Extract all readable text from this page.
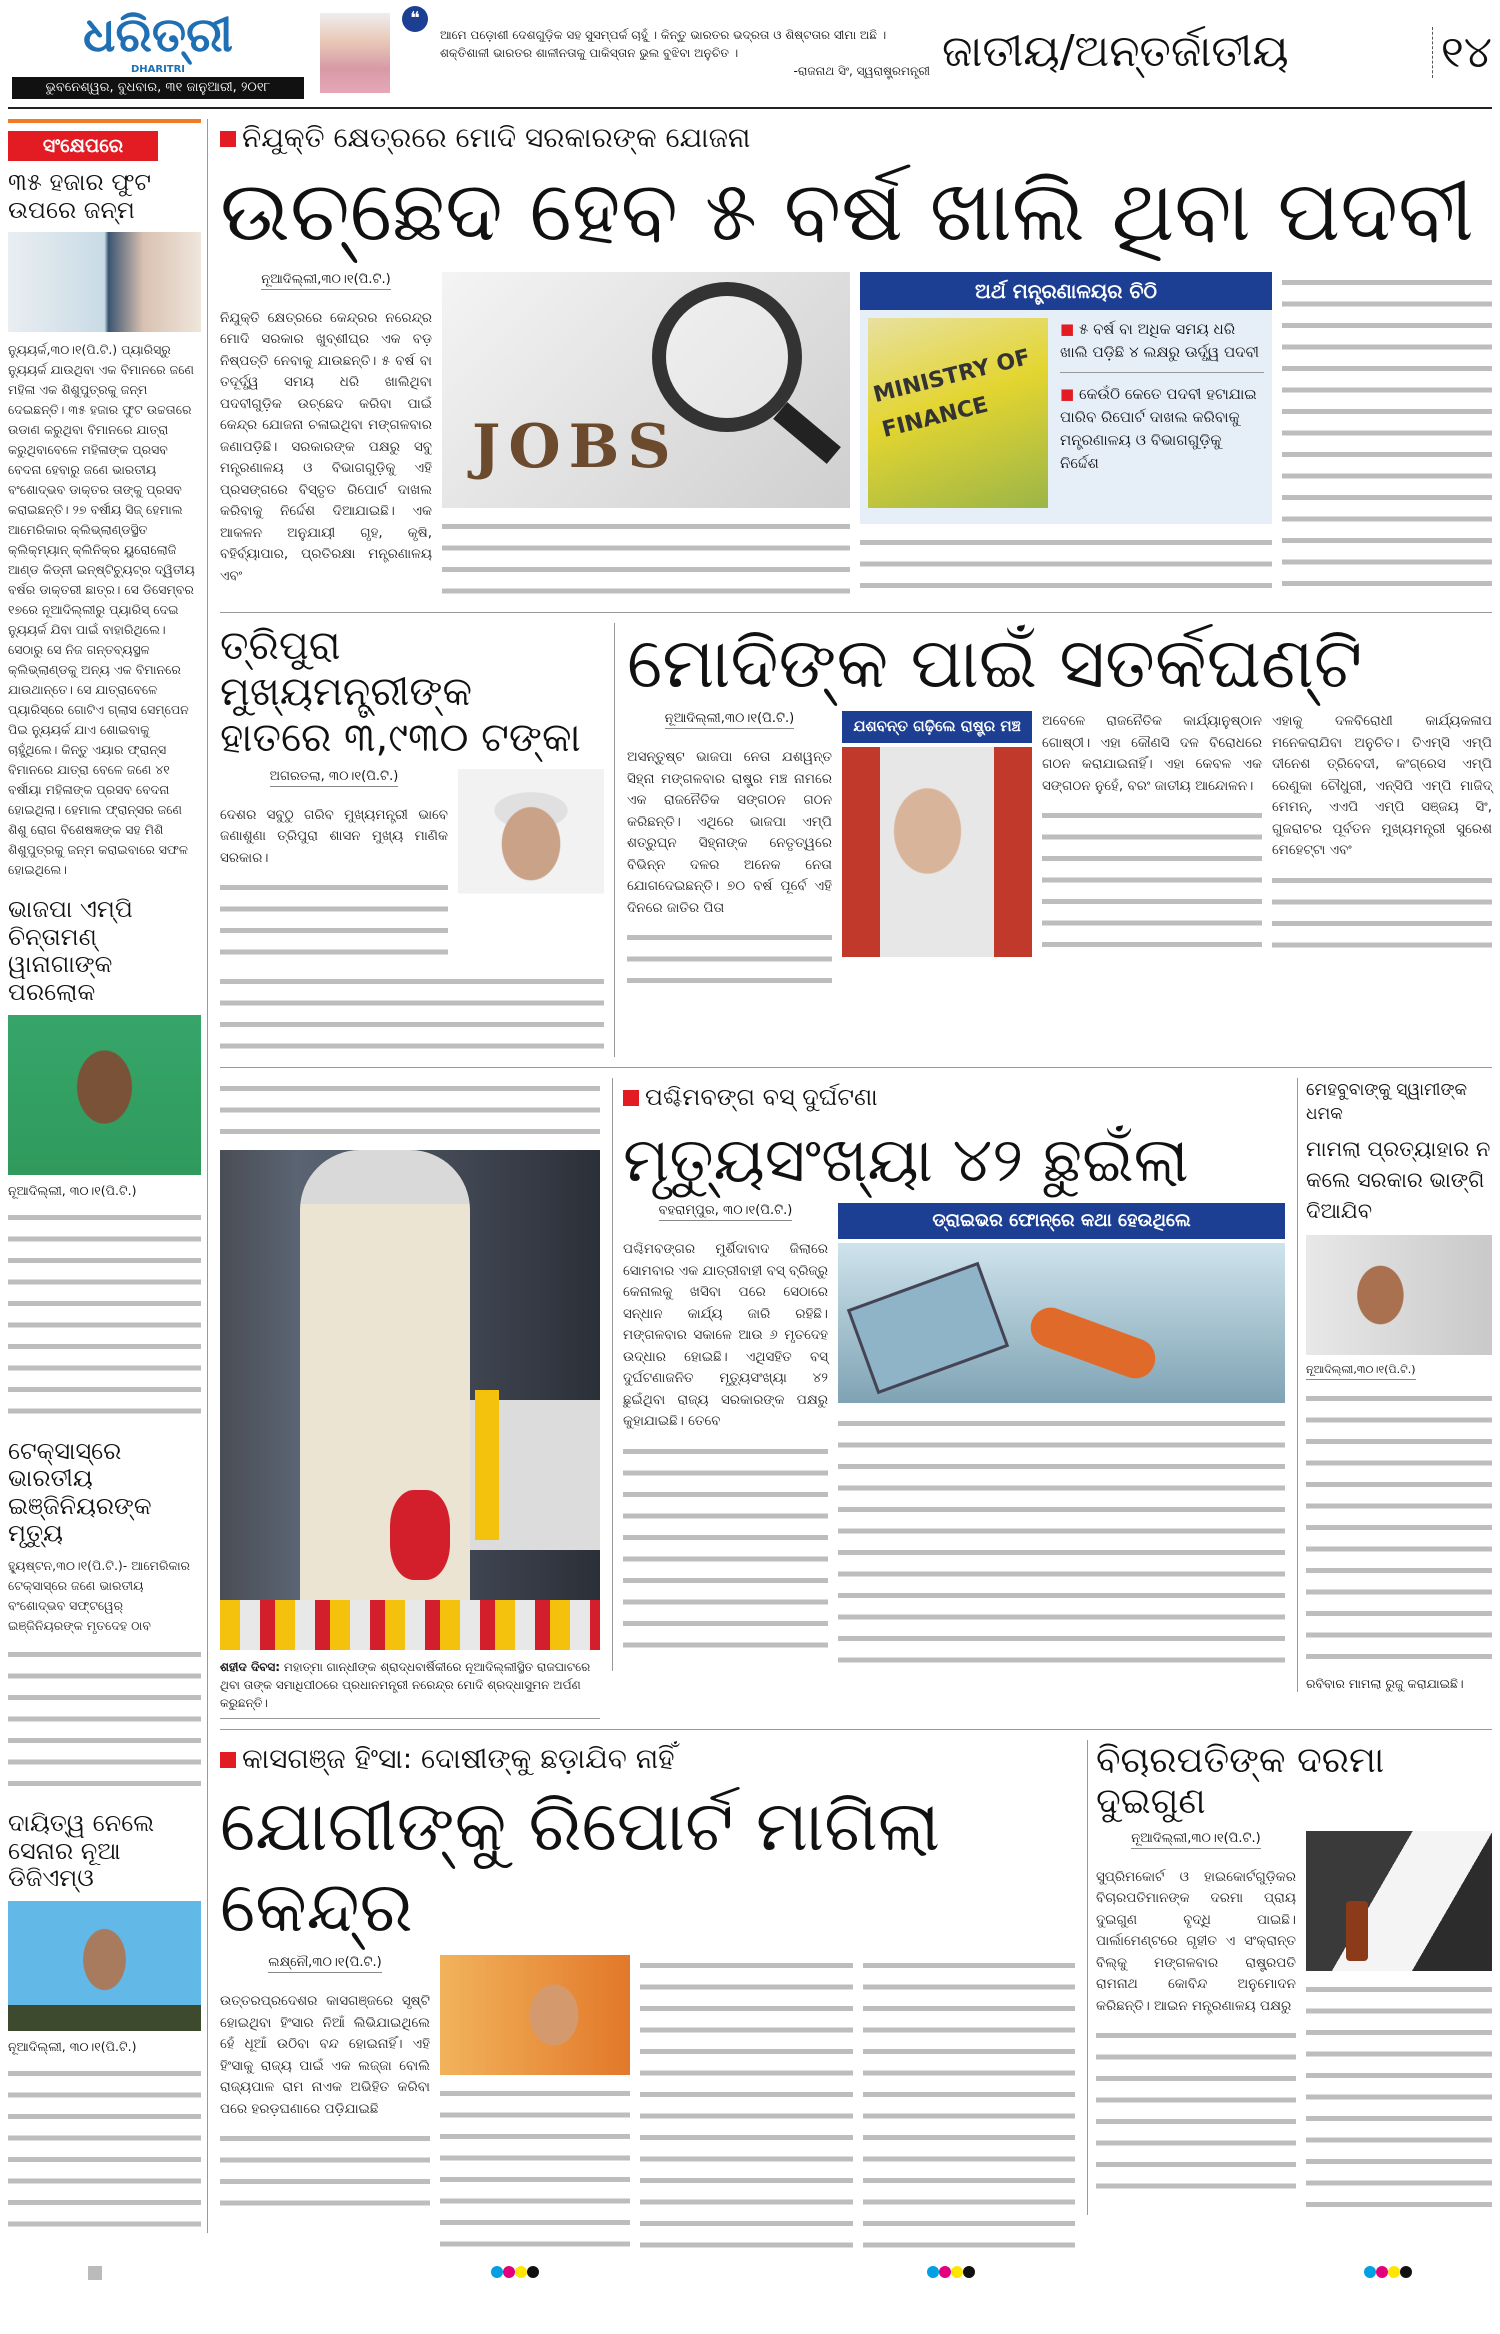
ଧରିତ୍ରୀ
DHARITRI
ଭୁବନେଶ୍ୱର, ବୁଧବାର, ୩୧ ଜାନୁଆରୀ, ୨୦୧୮
❝
ଆମେ ପଡ଼ୋଶୀ ଦେଶଗୁଡ଼ିକ ସହ ସୁସମ୍ପର୍କ ଚାହୁଁ । କିନ୍ତୁ ଭାରତର ଭଦ୍ରତା ଓ ଶିଷ୍ଟତାର ସୀମା ଅଛି । ଶକ୍ତିଶାଳୀ ଭାରତର ଶାଳୀନତାକୁ ପାକିସ୍ତାନ ଭୁଲ ବୁଝିବା ଅନୁଚିତ ।
-ରାଜନାଥ ସିଂ, ସ୍ୱରାଷ୍ଟ୍ରମନ୍ତ୍ରୀ ଜାତୀୟ/ଅନ୍ତର୍ଜାତୀୟ	୧୪
ସଂକ୍ଷେପରେ
୩୫ ହଜାର ଫୁଟ ଉପରେ ଜନ୍ମ
ନ୍ୟୁୟର୍କ,୩୦।୧(ପି.ଟି.) ପ୍ୟାରିସ୍‌ରୁ ନ୍ୟୁୟର୍କ ଯାଉଥିବା ଏକ ବିମାନରେ ଜଣେ ମହିଳା ଏକ ଶିଶୁପୁତ୍ରକୁ ଜନ୍ମ ଦେଇଛନ୍ତି। ୩୫ ହଜାର ଫୁଟ ଉଚ୍ଚତାରେ ଉଡାଣ କରୁଥିବା ବିମାନରେ ଯାତ୍ରା କରୁଥିବାବେଳେ ମହିଳାଙ୍କ ପ୍ରସବ ବେଦନା ହେବାରୁ ଜଣେ ଭାରତୀୟ ବଂଶୋଦ୍ଭବ ଡାକ୍ତର ତାଙ୍କୁ ପ୍ରସବ କରାଇଛନ୍ତି। ୨୭ ବର୍ଷୀୟ ସିଜ୍ ହେମାଲ ଆମେରିକାର କ୍ଲିଭ୍‌ଲାଣ୍ଡସ୍ଥିତ କ୍ଲିକ୍‌ମ୍ୟାନ୍ କ୍ଲିନିକ୍‌ର ୟୁରୋଲୋଜି ଆଣ୍ଡ କିଡ୍‌ନୀ ଇନ୍‌ଷ୍ଟିଚ୍ୟୁଟ୍‌ର ଦ୍ୱିତୀୟ ବର୍ଷର ଡାକ୍ତରୀ ଛାତ୍ର। ସେ ଡିସେମ୍ବର ୧୭ରେ ନୂଆଦିଲ୍ଲୀରୁ ପ୍ୟାରିସ୍ ଦେଇ ନ୍ୟୁୟର୍କ ଯିବା ପାଇଁ ବାହାରିଥିଲେ। ସେଠାରୁ ସେ ନିଜ ଗନ୍ତବ୍ୟସ୍ଥଳ କ୍ଲିଭ୍‌ଲାଣ୍ଡକୁ ଅନ୍ୟ ଏକ ବିମାନରେ ଯାଉଥାନ୍ତେ। ସେ ଯାତ୍ରାବେଳେ ପ୍ୟାରିସ୍‌ରେ ଗୋଟିଏ ଗ୍ଲାସ ସେମ୍ପେନ ପିଇ ନ୍ୟୁୟର୍କ ଯାଏ ଶୋଇବାକୁ ଚାହୁଁଥିଲେ। କିନ୍ତୁ ଏୟାର ଫ୍ରାନ୍ସ ବିମାନରେ ଯାତ୍ରା ବେଳେ ଜଣେ ୪୧ ବର୍ଷୀୟା ମହିଳାଙ୍କ ପ୍ରସବ ବେଦନା ହୋଇଥିଲା। ହେମାଲ ଫ୍ରାନ୍ସର ଜଣେ ଶିଶୁ ରୋଗ ବିଶେଷଜ୍ଞଙ୍କ ସହ ମିଶି ଶିଶୁପୁତ୍ରକୁ ଜନ୍ମ କରାଇବାରେ ସଫଳ ହୋଇଥିଲେ।
ଭାଜପା ଏମ୍ପି ଚିନ୍ତାମଣ୍ ୱାନାଗାଙ୍କ ପରଲୋକ
ନୂଆଦିଲ୍ଲୀ, ୩୦।୧(ପି.ଟି.)
ଟେକ୍ସାସ୍‌ରେ ଭାରତୀୟ ଇଞ୍ଜିନିୟରଙ୍କ ମୃତ୍ୟୁ
ହ୍ୟୁଷ୍ଟନ,୩୦।୧(ପି.ଟି.)- ଆମେରିକାର ଟେକ୍ସାସ୍‌ରେ ଜଣେ ଭାରତୀୟ ବଂଶୋଦ୍ଭବ ସଫ୍ଟୱେର୍ ଇଞ୍ଜିନିୟରଙ୍କ ମୃତଦେହ ଠାବ
ଦାୟିତ୍ୱ ନେଲେ ସେନାର ନୂଆ ଡିଜିଏମ୍‌ଓ
ନୂଆଦିଲ୍ଲୀ, ୩୦।୧(ପି.ଟି.)
ନିଯୁକ୍ତି କ୍ଷେତ୍ରରେ ମୋଦି ସରକାରଙ୍କ ଯୋଜନା
ଉଚ୍ଛେଦ ହେବ ୫ ବର୍ଷ ଖାଲି ଥିବା ପଦବୀ
ନୂଆଦିଲ୍ଲୀ,୩୦।୧(ପି.ଟି.)
ନିଯୁକ୍ତି କ୍ଷେତ୍ରରେ କେନ୍ଦ୍ରର ନରେନ୍ଦ୍ର ମୋଦି ସରକାର ଖୁବ୍‌ଶୀଘ୍ର ଏକ ବଡ଼ ନିଷ୍ପତ୍ତି ନେବାକୁ ଯାଉଛନ୍ତି। ୫ ବର୍ଷ ବା ତଦୂର୍ଦ୍ଧ୍ୱ ସମୟ ଧରି ଖାଲିଥିବା ପଦବୀଗୁଡ଼ିକ ଉଚ୍ଛେଦ କରିବା ପାଇଁ କେନ୍ଦ୍ର ଯୋଜନା ଚଳାଇଥିବା ମଙ୍ଗଳବାର ଜଣାପଡ଼ିଛି। ସରକାରଙ୍କ ପକ୍ଷରୁ ସବୁ ମନ୍ତ୍ରଣାଳୟ ଓ ବିଭାଗଗୁଡ଼ିକୁ ଏହି ପ୍ରସଙ୍ଗରେ ବିସ୍ତୃତ ରିପୋର୍ଟ ଦାଖଲ କରିବାକୁ ନିର୍ଦ୍ଦେଶ ଦିଆଯାଇଛି। ଏକ ଆକଳନ ଅନୁଯାୟୀ ଗୃହ, କୃଷି, ବହିର୍ବ୍ୟାପାର, ପ୍ରତିରକ୍ଷା ମନ୍ତ୍ରଣାଳୟ ଏବଂ
JOBS
ଅର୍ଥ ମନ୍ତ୍ରଣାଳୟର ଚିଠି
MINISTRY OF FINANCE
■ ୫ ବର୍ଷ ବା ଅଧିକ ସମୟ ଧରି ଖାଲି ପଡ଼ିଛି ୪ ଲକ୍ଷରୁ ଊର୍ଦ୍ଧ୍ୱ ପଦବୀ
■ କେଉଁଠି କେତେ ପଦବୀ ହଟାଯାଇ ପାରିବ ରିପୋର୍ଟ ଦାଖଲ କରିବାକୁ ମନ୍ତ୍ରଣାଳୟ ଓ ବିଭାଗଗୁଡ଼ିକୁ ନିର୍ଦ୍ଦେଶ
ତ୍ରିପୁରା ମୁଖ୍ୟମନ୍ତ୍ରୀଙ୍କ
ହାତରେ ୩,୯୩୦ ଟଙ୍କା
ଅଗରତଲା, ୩୦।୧(ପି.ଟି.)
ଦେଶର ସବୁଠୁ ଗରିବ ମୁଖ୍ୟମନ୍ତ୍ରୀ ଭାବେ ଜଣାଶୁଣା ତ୍ରିପୁରା ଶାସନ ମୁଖ୍ୟ ମାଣିକ ସରକାର।
ମୋଦିଙ୍କ ପାଇଁ ସତର୍କଘଣ୍ଟି
ନୂଆଦିଲ୍ଲୀ,୩୦।୧(ପି.ଟି.)
ଅସନ୍ତୁଷ୍ଟ ଭାଜପା ନେତା ଯଶୱନ୍ତ ସିହ୍ନା ମଙ୍ଗଳବାର ରାଷ୍ଟ୍ର ମଞ୍ଚ ନାମରେ ଏକ ରାଜନୈତିକ ସଙ୍ଗଠନ ଗଠନ କରିଛନ୍ତି। ଏଥିରେ ଭାଜପା ଏମ୍ପି ଶତ୍ରୁଘ୍ନ ସିହ୍ନାଙ୍କ ନେତୃତ୍ୱରେ ବିଭିନ୍ନ ଦଳର ଅନେକ ନେତା ଯୋଗଦେଇଛନ୍ତି। ୭୦ ବର୍ଷ ପୂର୍ବେ ଏହି ଦିନରେ ଜାତିର ପିତା
ଯଶବନ୍ତ ଗଢ଼ିଲେ ରାଷ୍ଟ୍ର ମଞ୍ଚ	ଅବେଳେ ରାଜନୈତିକ କାର୍ଯ୍ୟାନୁଷ୍ଠାନ ଗୋଷ୍ଠୀ। ଏହା କୌଣସି ଦଳ ବିରୋଧରେ ଗଠନ କରାଯାଇନାହିଁ। ଏହା କେବଳ ଏକ ସଙ୍ଗଠନ ନୁହେଁ, ବରଂ ଜାତୀୟ ଆନ୍ଦୋଳନ।
ଏହାକୁ ଦଳବିରୋଧୀ କାର୍ଯ୍ୟକଳାପ ମନେକରାଯିବା ଅନୁଚିତ। ତିଏମ୍‌ସି ଏମ୍ପି ଦୀନେଶ ତ୍ରିବେଦୀ, କଂଗ୍ରେସ ଏମ୍ପି ରେଣୁକା ଚୌଧୁରୀ, ଏନ୍‌ସିପି ଏମ୍ପି ମାଜିଦ୍ ମେମନ୍, ଏଏପି ଏମ୍ପି ସଞ୍ଜୟ ସିଂ, ଗୁଜରାଟର ପୂର୍ବତନ ମୁଖ୍ୟମନ୍ତ୍ରୀ ସୁରେଶ ମେହେଟ୍ଟା ଏବଂ
ଶହୀଦ ଦିବସ: ମହାତ୍ମା ଗାନ୍ଧୀଙ୍କ ଶ୍ରାଦ୍ଧବାର୍ଷିକୀରେ ନୂଆଦିଲ୍ଲୀସ୍ଥିତ ରାଜଘାଟରେ ଥିବା ତାଙ୍କ ସମାଧିପୀଠରେ ପ୍ରଧାନମନ୍ତ୍ରୀ ନରେନ୍ଦ୍ର ମୋଦି ଶ୍ରଦ୍ଧାସୁମନ ଅର୍ପଣ କରୁଛନ୍ତି।
ପଶ୍ଚିମବଙ୍ଗ ବସ୍ ଦୁର୍ଘଟଣା
ମୃତ୍ୟୁସଂଖ୍ୟା ୪୨ ଛୁଇଁଲା
ବହରାମ୍ପୁର, ୩୦।୧(ପି.ଟି.)
ପଶ୍ଚିମବଙ୍ଗର ମୁର୍ଶିଦାବାଦ ଜିଲାରେ ସୋମବାର ଏକ ଯାତ୍ରୀବାହୀ ବସ୍ ବ୍ରିଜ୍‌ରୁ କେନାଲକୁ ଖସିବା ପରେ ସେଠାରେ ସନ୍ଧାନ କାର୍ଯ୍ୟ ଜାରି ରହିଛି। ମଙ୍ଗଳବାର ସକାଳେ ଆଉ ୬ ମୃତଦେହ ଉଦ୍ଧାର ହୋଇଛି। ଏଥିସହିତ ବସ୍ ଦୁର୍ଘଟଣାଜନିତ ମୃତ୍ୟୁସଂଖ୍ୟା ୪୨ ଛୁଇଁଥିବା ରାଜ୍ୟ ସରକାରଙ୍କ ପକ୍ଷରୁ କୁହାଯାଇଛି। ତେବେ
ଡ୍ରାଇଭର ଫୋନ୍‌ରେ କଥା ହେଉଥିଲେ
ମେହବୁବାଙ୍କୁ ସ୍ୱାମୀଙ୍କ ଧମକ
ମାମଲା ପ୍ରତ୍ୟାହାର ନ କଲେ ସରକାର ଭାଙ୍ଗି ଦିଆଯିବ
ନୂଆଦିଲ୍ଲୀ,୩୦।୧(ପି.ଟି.)
ରବିବାର ମାମଲା ରୁଜୁ କରାଯାଇଛି।
କାସଗଞ୍ଜ ହିଂସା: ଦୋଷୀଙ୍କୁ ଛଡ଼ାଯିବ ନାହିଁ
ଯୋଗୀଙ୍କୁ ରିପୋର୍ଟ ମାଗିଲା କେନ୍ଦ୍ର
ଲକ୍ଷ୍ନୌ,୩୦।୧(ପି.ଟି.)
ଉତ୍ତରପ୍ରଦେଶର କାସଗଞ୍ଜରେ ସୃଷ୍ଟି ହୋଇଥିବା ହିଂସାର ନିଆଁ ଲିଭିଯାଇଥିଲେ ହେଁ ଧୂଆଁ ଉଠିବା ବନ୍ଦ ହୋଇନାହିଁ। ଏହି ହିଂସାକୁ ରାଜ୍ୟ ପାଇଁ ଏକ ଲଜ୍ଜା ବୋଲି ରାଜ୍ୟପାଳ ରାମ ନାଏକ ଅଭିହିତ କରିବା ପରେ ହରଡ଼ଘଣାରେ ପଡ଼ିଯାଇଛି
ବିଚାରପତିଙ୍କ ଦରମା ଦୁଇଗୁଣ
ନୂଆଦିଲ୍ଲୀ,୩୦।୧(ପି.ଟି.)
ସୁପ୍ରିମକୋର୍ଟ ଓ ହାଇକୋର୍ଟଗୁଡ଼ିକର ବିଚାରପତିମାନଙ୍କ ଦରମା ପ୍ରାୟ ଦୁଇଗୁଣ ବୃଦ୍ଧି ପାଇଛି। ପାର୍ଲାମେଣ୍ଟରେ ଗୃହୀତ ଏ ସଂକ୍ରାନ୍ତ ବିଲ୍‌କୁ ମଙ୍ଗଳବାର ରାଷ୍ଟ୍ରପତି ରାମନାଥ କୋବିନ୍ଦ ଅନୁମୋଦନ କରିଛନ୍ତି। ଆଇନ ମନ୍ତ୍ରଣାଳୟ ପକ୍ଷରୁ
